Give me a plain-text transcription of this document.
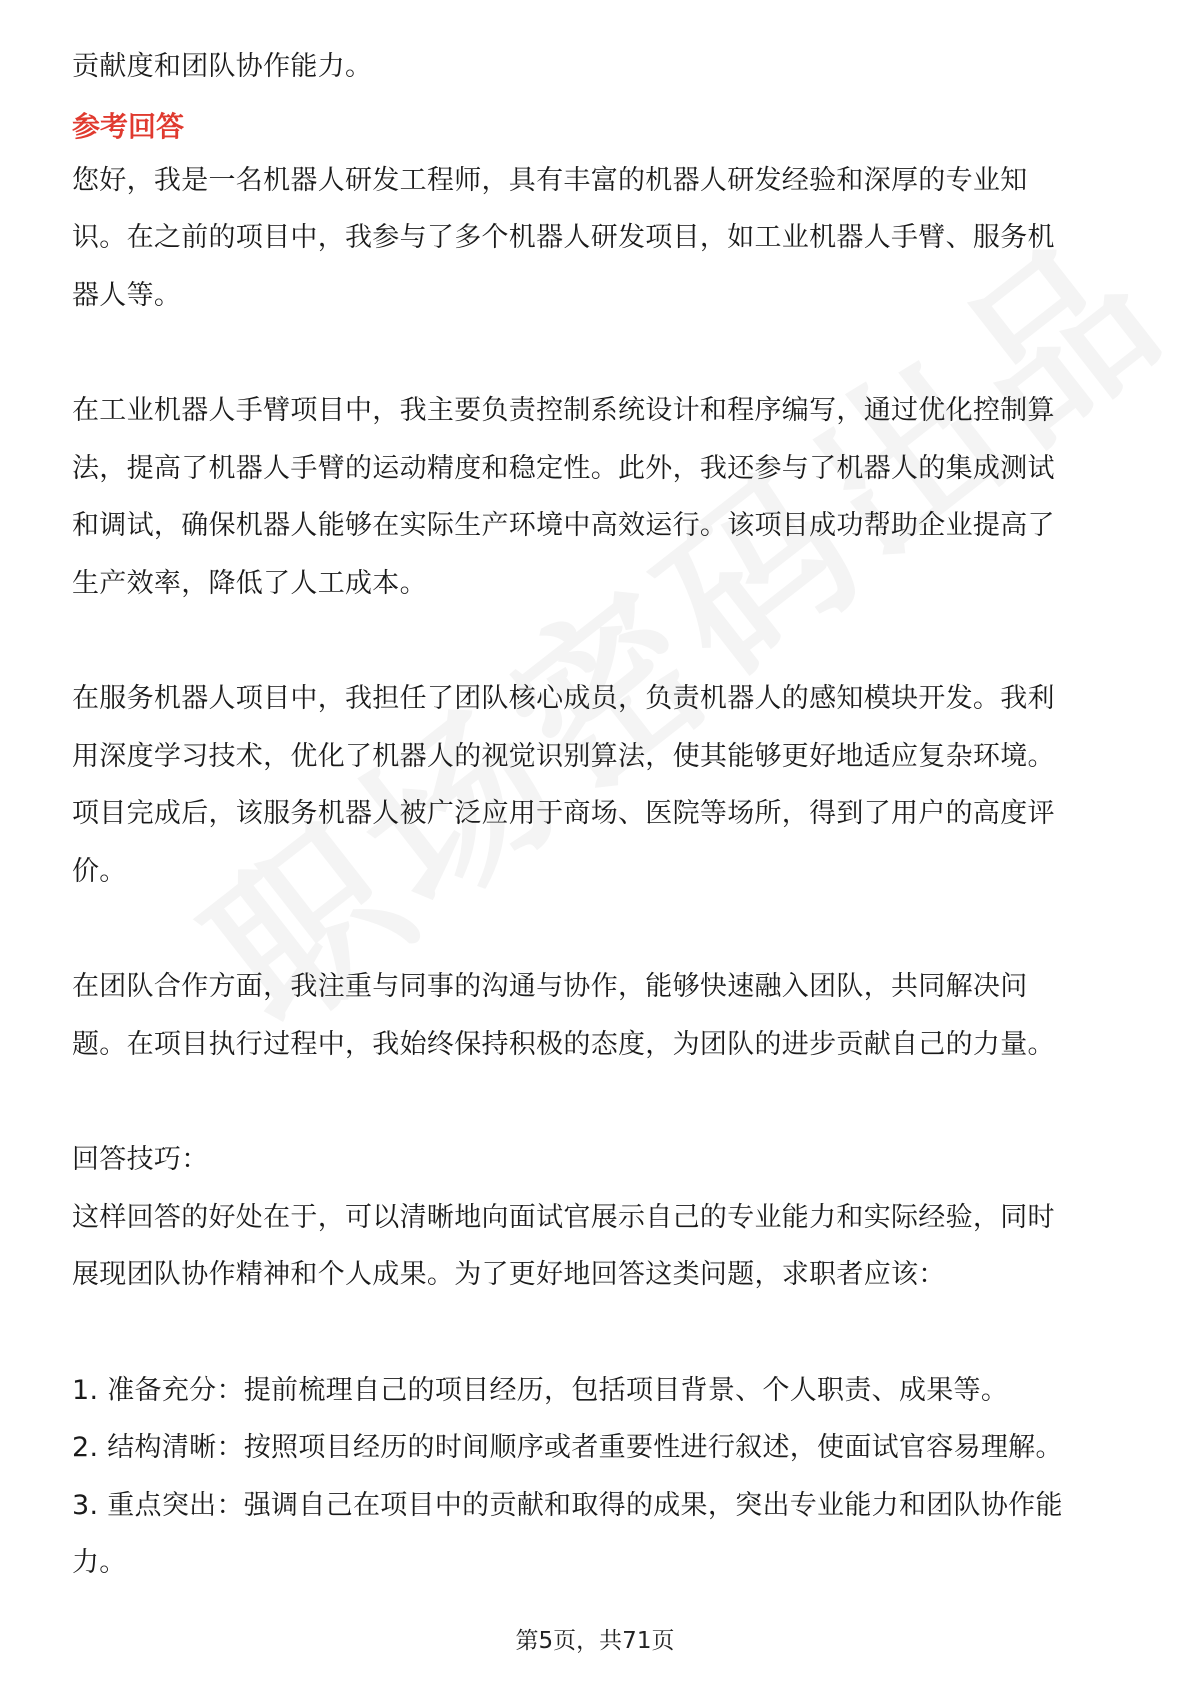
贡献度和团队协作能力。
参考回答
您好，我是一名机器人研发工程师，具有丰富的机器人研发经验和深厚的专业知
识。在之前的项目中，我参与了多个机器人研发项目，如工业机器人手臂、服务机
器人等。
在工业机器人手臂项目中，我主要负责控制系统设计和程序编写，通过优化控制算
法，提高了机器人手臂的运动精度和稳定性。此外，我还参与了机器人的集成测试
和调试，确保机器人能够在实际生产环境中高效运行。该项目成功帮助企业提高了
生产效率，降低了人工成本。
在服务机器人项目中，我担任了团队核心成员，负责机器人的感知模块开发。我利
用深度学习技术，优化了机器人的视觉识别算法，使其能够更好地适应复杂环境。
项目完成后，该服务机器人被广泛应用于商场、医院等场所，得到了用户的高度评
价。
在团队合作方面，我注重与同事的沟通与协作，能够快速融入团队，共同解决问
题。在项目执行过程中，我始终保持积极的态度，为团队的进步贡献自己的力量。
回答技巧：
这样回答的好处在于，可以清晰地向面试官展示自己的专业能力和实际经验，同时
展现团队协作精神和个人成果。为了更好地回答这类问题，求职者应该：
1. 准备充分：提前梳理自己的项目经历，包括项目背景、个人职责、成果等。
2. 结构清晰：按照项目经历的时间顺序或者重要性进行叙述，使面试官容易理解。
3. 重点突出：强调自己在项目中的贡献和取得的成果，突出专业能力和团队协作能
力。
第5页，共71页
